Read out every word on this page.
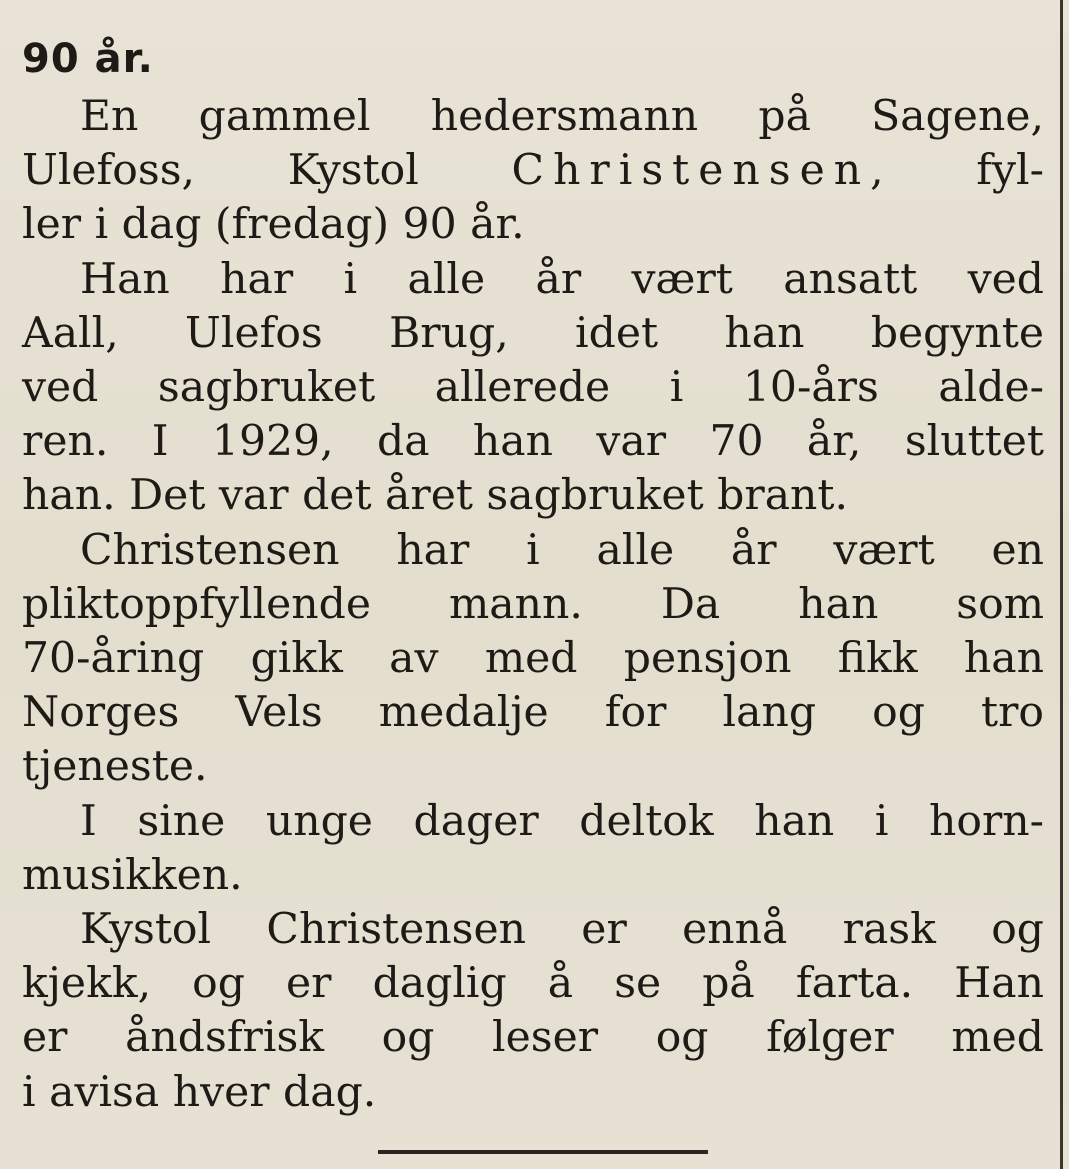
90 år.

En gammel hedersmann på Sagene,
Ulefoss, Kystol Christensen, fyl-
ler i dag (fredag) 90 år.

Han har i alle år vært ansatt ved
Aall, Ulefos Brug, idet han begynte
ved sagbruket allerede i 10-års alde-
ren. I 1929, da han var 70 år, sluttet
han. Det var det året sagbruket brant.

Christensen har i alle år vært en
pliktoppfyllende mann. Da han som
70-åring gikk av med pensjon fikk han
Norges Vels medalje for lang og tro
tjeneste.

I sine unge dager deltok han i horn-
musikken.

Kystol Christensen er ennå rask og
kjekk, og er daglig å se på farta. Han
er åndsfrisk og leser og følger med
i avisa hver dag.
